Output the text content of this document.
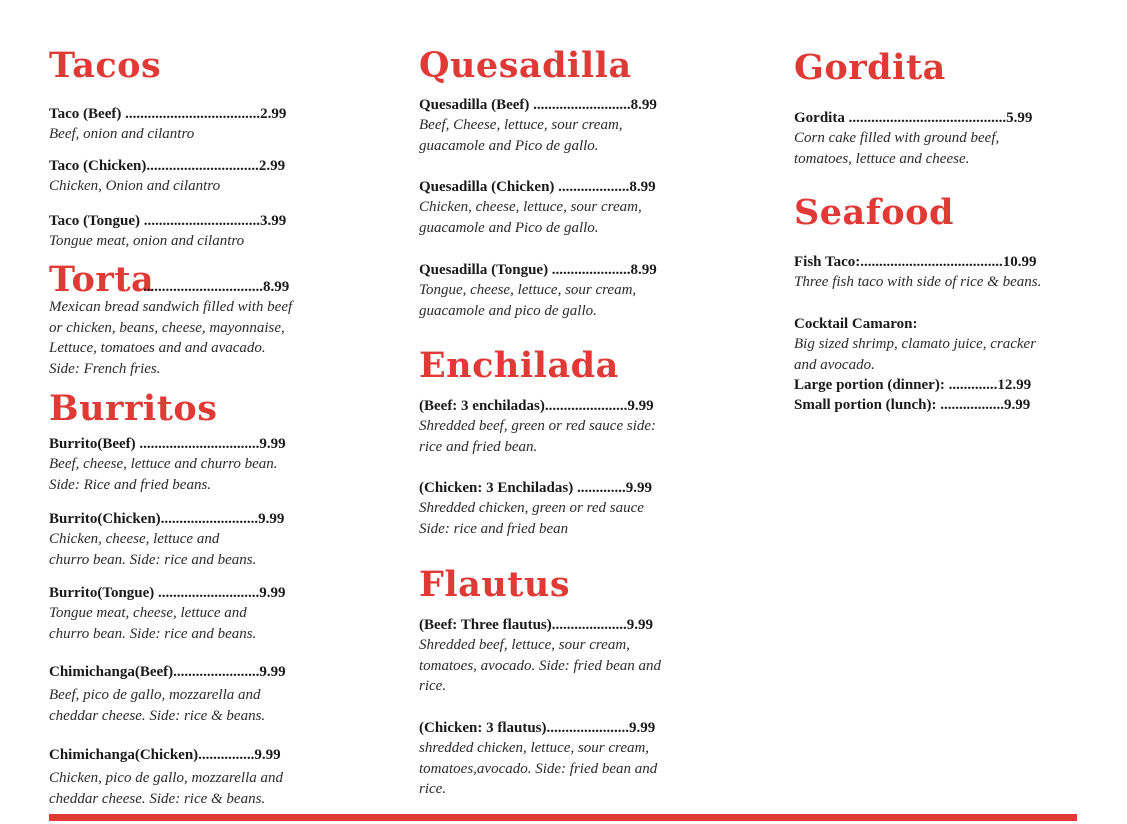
Tacos
Taco (Beef) ....................................2.99
Beef, onion and cilantro
Taco (Chicken)..............................2.99
Chicken, Onion and cilantro
Taco (Tongue) ...............................3.99
Tongue meat, onion and cilantro
Torta
................................8.99
Mexican bread sandwich filled with beef
or chicken, beans, cheese, mayonnaise,
Lettuce, tomatoes and and avacado.
Side: French fries.
Burritos
Burrito(Beef) ................................9.99
Beef, cheese, lettuce and churro bean.
Side: Rice and fried beans.
Burrito(Chicken)..........................9.99
Chicken, cheese, lettuce and
churro bean. Side: rice and beans.
Burrito(Tongue) ...........................9.99
Tongue meat, cheese, lettuce and
churro bean. Side: rice and beans.
Chimichanga(Beef).......................9.99
Beef, pico de gallo, mozzarella and
cheddar cheese. Side: rice & beans.
Chimichanga(Chicken)...............9.99
Chicken, pico de gallo, mozzarella and
cheddar cheese. Side: rice & beans.
Quesadilla
Quesadilla (Beef) ..........................8.99
Beef, Cheese, lettuce, sour cream,
guacamole and Pico de gallo.
Quesadilla (Chicken) ...................8.99
Chicken, cheese, lettuce, sour cream,
guacamole and Pico de gallo.
Quesadilla (Tongue) .....................8.99
Tongue, cheese, lettuce, sour cream,
guacamole and pico de gallo.
Enchilada
(Beef: 3 enchiladas)......................9.99
Shredded beef, green or red sauce side:
rice and fried bean.
(Chicken: 3 Enchiladas) .............9.99
Shredded chicken, green or red sauce
Side: rice and fried bean
Flautus
(Beef: Three flautus)....................9.99
Shredded beef, lettuce, sour cream,
tomatoes, avocado. Side: fried bean and
rice.
(Chicken: 3 flautus)......................9.99
shredded chicken, lettuce, sour cream,
tomatoes,avocado. Side: fried bean and
rice.
Gordita
Gordita ..........................................5.99
Corn cake filled with ground beef,
tomatoes, lettuce and cheese.
Seafood
Fish Taco:......................................10.99
Three fish taco with side of rice & beans.
Cocktail Camaron:
Big sized shrimp, clamato juice, cracker
and avocado.
Large portion (dinner): .............12.99
Small portion (lunch): .................9.99
